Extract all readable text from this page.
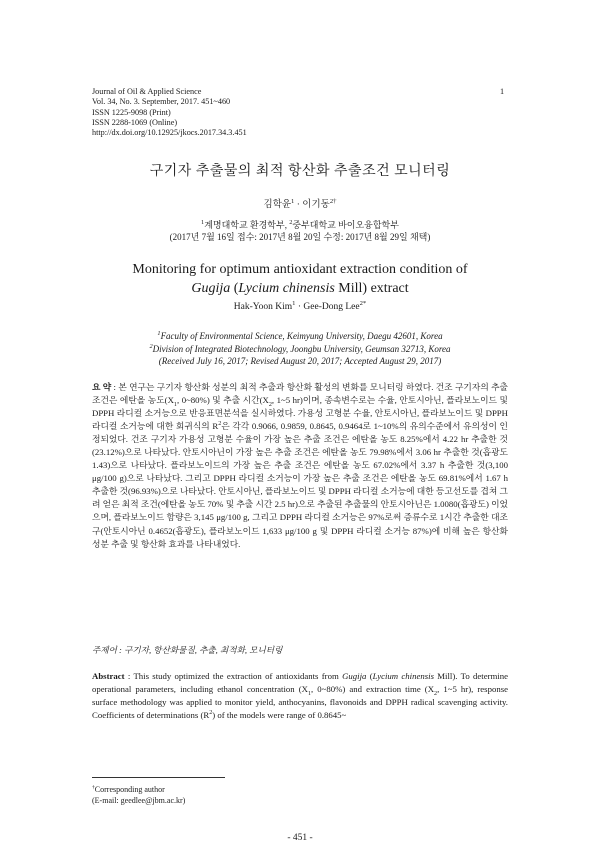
Journal of Oil & Applied Science
Vol. 34, No. 3. September, 2017. 451~460
ISSN 1225-9098 (Print)
ISSN 2288-1069 (Online)
http://dx.doi.org/10.12925/jkocs.2017.34.3.451
1
구기자 추출물의 최적 항산화 추출조건 모니터링
김학윤$^1$ · 이기동$^{2\dagger}$
$^1$계명대학교 환경학부, $^2$중부대학교 바이오융합학부
(2017년 7월 16일 접수: 2017년 8월 20일 수정: 2017년 8월 29일 채택)
Monitoring for optimum antioxidant extraction condition of
Gugija (Lycium chinensis Mill) extract
Hak-Yoon Kim$^1$ · Gee-Dong Lee$^{2*}$
$^1$Faculty of Environmental Science, Keimyung University, Daegu 42601, Korea
$^2$Division of Integrated Biotechnology, Joongbu University, Geumsan 32713, Korea
(Received July 16, 2017; Revised August 20, 2017; Accepted August 29, 2017)
요 약 : 본 연구는 구기자 항산화 성분의 최적 추출과 항산화 활성의 변화를 모니터링 하였다. 건조 구기자의 추출 조건은 에탄올 농도($X_1$, 0~80%) 및 추출 시간($X_2$, 1~5 hr)이며, 종속변수로는 수율, 안토시아닌, 플라보노이드 및 DPPH 라디컬 소거능으로 반응표면분석을 실시하였다. 가용성 고형분 수율, 안토시아닌, 플라보노이드 및 DPPH 라디컬 소거능에 대한 회귀식의 $R^2$은 각각 0.9066, 0.9859, 0.8645, 0.9464로 1~10%의 유의수준에서 유의성이 인정되었다. 건조 구기자 가용성 고형분 수율이 가장 높은 추출 조건은 에탄올 농도 8.25%에서 4.22 hr 추출한 것(23.12%)으로 나타났다. 안토시아닌이 가장 높은 추출 조건은 에탄올 농도 79.98%에서 3.06 hr 추출한 것(흡광도 1.43)으로 나타났다. 플라보노이드의 가장 높은 추출 조건은 에탄올 농도 67.02%에서 3.37 h 추출한 것(3,100 μg/100 g)으로 나타났다. 그리고 DPPH 라디컬 소거능이 가장 높은 추출 조건은 에탄올 농도 69.81%에서 1.67 h 추출한 것(96.93%)으로 나타났다. 안토시아닌, 플라보노이드 및 DPPH 라디컬 소거능에 대한 등고선도를 겹쳐 그려 얻은 최적 조건(에탄올 농도 70% 및 추출 시간 2.5 hr)으로 추출된 추출물의 안토시아닌은 1.0080(흡광도) 이었으며, 플라보노이드 함량은 3,145 μg/100 g, 그리고 DPPH 라디컬 소거능은 97%로써 증류수로 1시간 추출한 대조구(안토시아닌 0.4652(흡광도), 플라보노이드 1,633 μg/100 g 및 DPPH 라디컬 소거능 87%)에 비해 높은 항산화 성분 추출 및 항산화 효과를 나타내었다.
주제어 : 구기자, 항산화물질, 추출, 최적화, 모니터링
Abstract : This study optimized the extraction of antioxidants from Gugija (Lycium chinensis Mill). To determine operational parameters, including ethanol concentration ($X_1$, 0~80%) and extraction time ($X_2$, 1~5 hr), response surface methodology was applied to monitor yield, anthocyanins, flavonoids and DPPH radical scavenging activity. Coefficients of determinations $(R^2)$ of the models were range of 0.8645~
†Corresponding author
(E-mail: geedlee@jbm.ac.kr)
- 451 -
